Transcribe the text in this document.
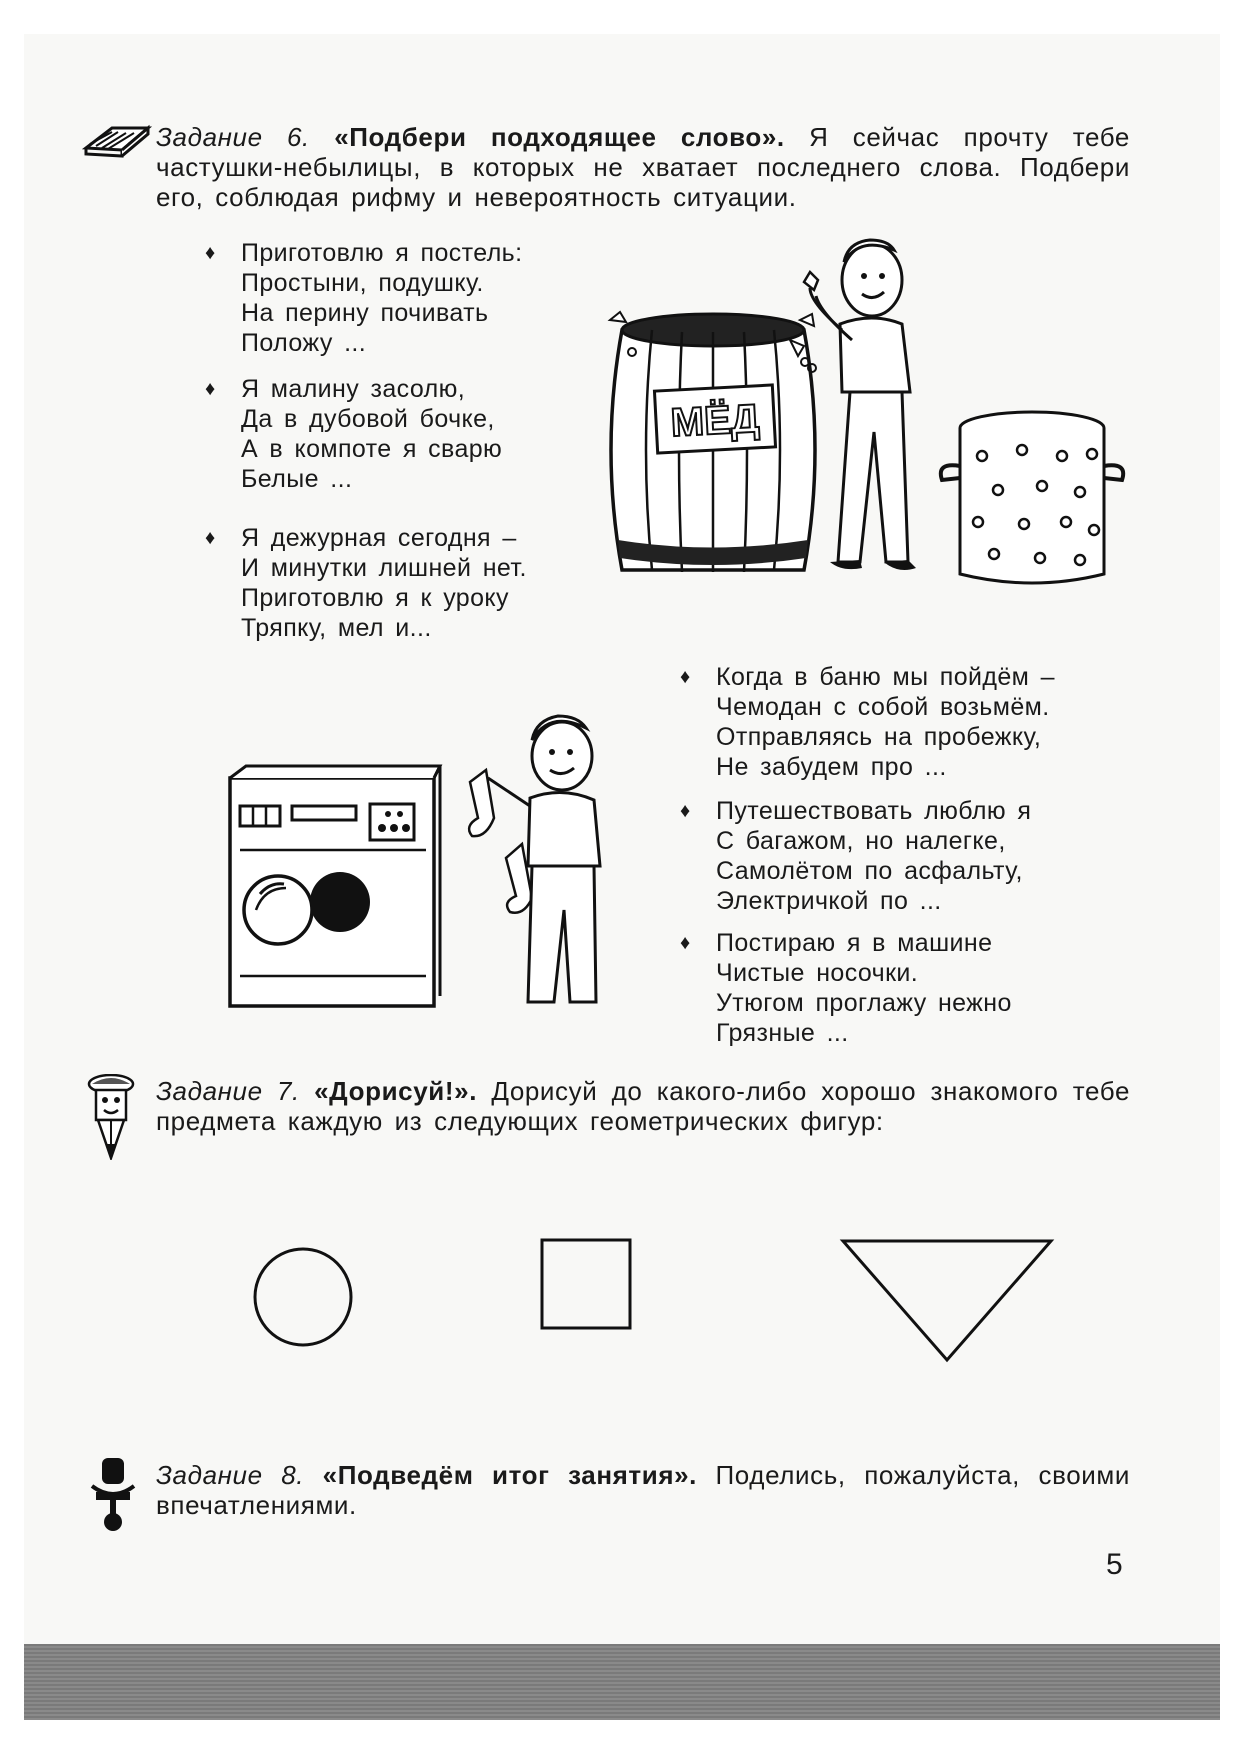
Задание 6. «Подбери подходящее слово». Я сейчас прочту тебе частушки-небылицы, в которых не хватает последнего слова. Подбери его, соблюдая рифму и невероятность ситуации.
♦ Приготовлю я постель:
Простыни, подушку.
На перину почивать
Положу ...
♦ Я малину засолю,
Да в дубовой бочке,
А в компоте я сварю
Белые ...
♦ Я дежурная сегодня –
И минутки лишней нет.
Приготовлю я к уроку
Тряпку, мел и...
♦ Когда в баню мы пойдём –
Чемодан с собой возьмём.
Отправляясь на пробежку,
Не забудем про ...
♦ Путешествовать люблю я
С багажом, но налегке,
Самолётом по асфальту,
Электричкой по ...
♦ Постираю я в машине
Чистые носочки.
Утюгом проглажу нежно
Грязные ...
МЁД
Задание 7. «Дорисуй!». Дорисуй до какого-либо хорошо знакомого тебе предмета каждую из следующих геометрических фигур:
Задание 8. «Подведём итог занятия». Поделись, пожалуйста, своими впечатлениями.
5
